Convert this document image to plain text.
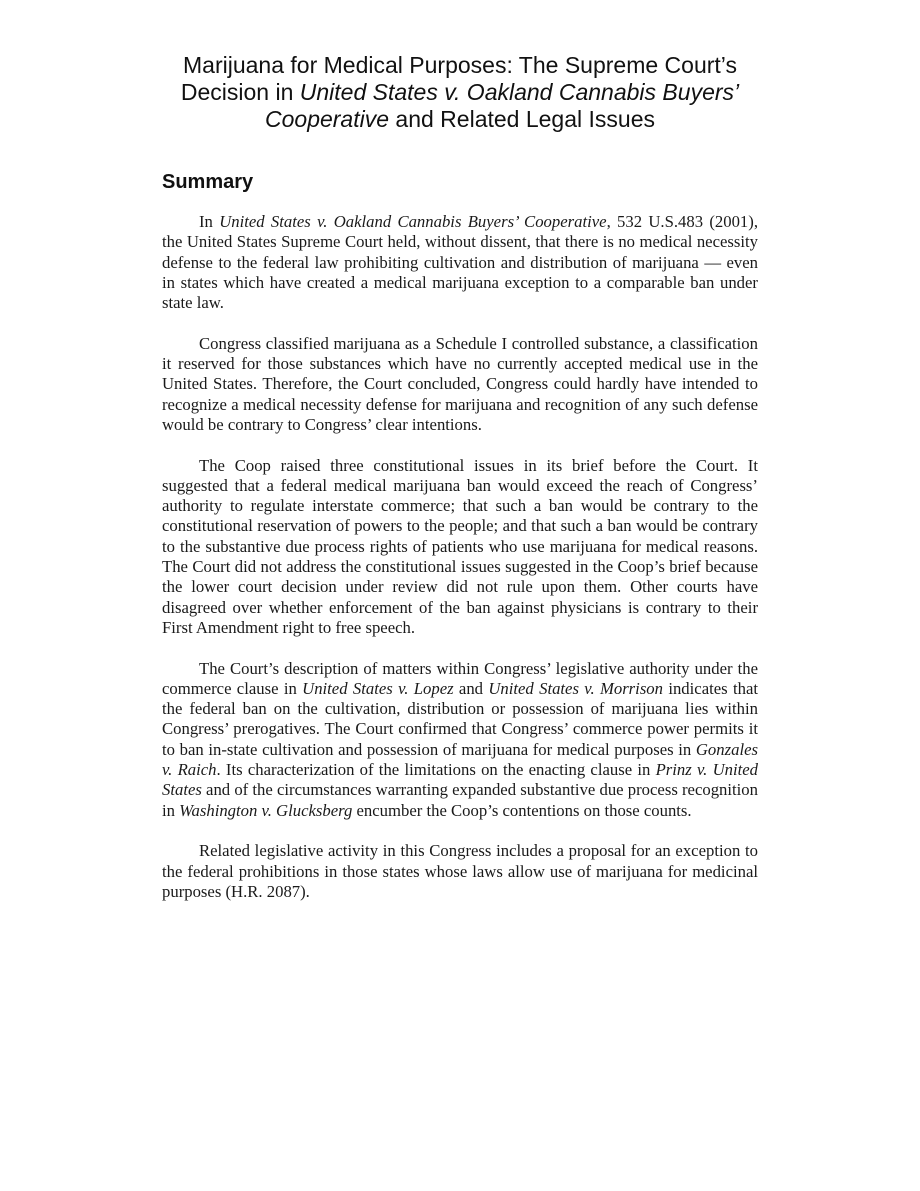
Marijuana for Medical Purposes: The Supreme Court’s
Decision in United States v. Oakland Cannabis Buyers’
Cooperative and Related Legal Issues
Summary

In United States v. Oakland Cannabis Buyers’ Cooperative, 532 U.S.483 (2001), the United States Supreme Court held, without dissent, that there is no medical necessity defense to the federal law prohibiting cultivation and distribution of marijuana — even in states which have created a medical marijuana exception to a comparable ban under state law.

Congress classified marijuana as a Schedule I controlled substance, a classification it reserved for those substances which have no currently accepted medical use in the United States. Therefore, the Court concluded, Congress could hardly have intended to recognize a medical necessity defense for marijuana and recognition of any such defense would be contrary to Congress’ clear intentions.

The Coop raised three constitutional issues in its brief before the Court. It suggested that a federal medical marijuana ban would exceed the reach of Congress’ authority to regulate interstate commerce; that such a ban would be contrary to the constitutional reservation of powers to the people; and that such a ban would be contrary to the substantive due process rights of patients who use marijuana for medical reasons. The Court did not address the constitutional issues suggested in the Coop’s brief because the lower court decision under review did not rule upon them. Other courts have disagreed over whether enforcement of the ban against physicians is contrary to their First Amendment right to free speech.

The Court’s description of matters within Congress’ legislative authority under the commerce clause in United States v. Lopez and United States v. Morrison indicates that the federal ban on the cultivation, distribution or possession of marijuana lies within Congress’ prerogatives. The Court confirmed that Congress’ commerce power permits it to ban in-state cultivation and possession of marijuana for medical purposes in Gonzales v. Raich. Its characterization of the limitations on the enacting clause in Prinz v. United States and of the circumstances warranting expanded substantive due process recognition in Washington v. Glucksberg encumber the Coop’s contentions on those counts.

Related legislative activity in this Congress includes a proposal for an exception to the federal prohibitions in those states whose laws allow use of marijuana for medicinal purposes (H.R. 2087).
